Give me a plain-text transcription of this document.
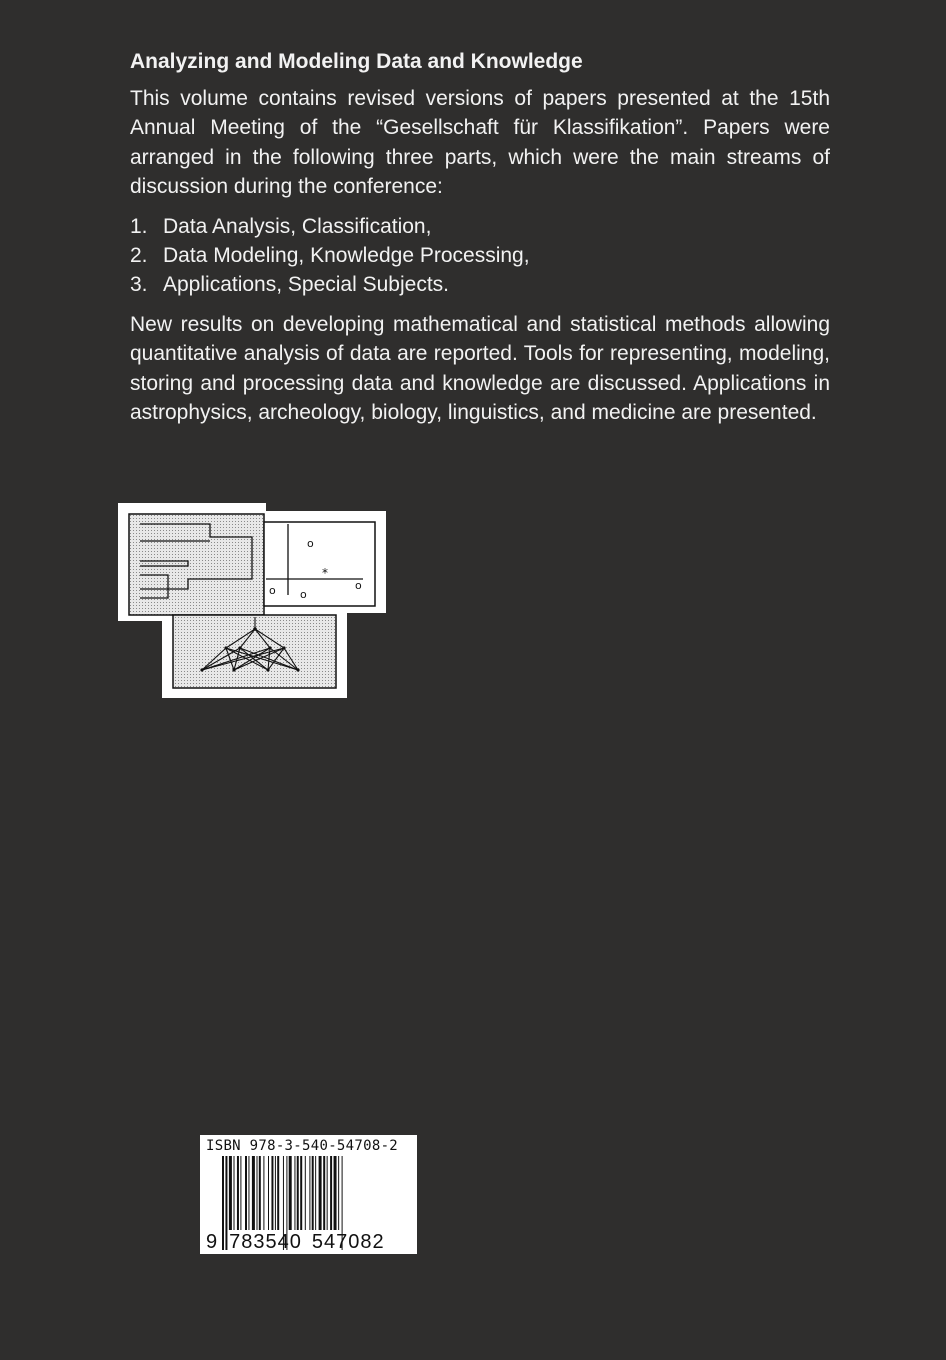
Analyzing and Modeling Data and Knowledge

This volume contains revised versions of papers presented at the 15th Annual Meeting of the “Gesellschaft für Klassifikation”. Papers were arranged in the following three parts, which were the main streams of discussion during the conference:

1. Data Analysis, Classification,
2. Data Modeling, Knowledge Processing,
3. Applications, Special Subjects.

New results on developing mathematical and statistical methods allowing quantitative analysis of data are reported. Tools for representing, modeling, storing and processing data and knowledge are discussed. Applications in astrophysics, archeology, biology, linguistics, and medicine are presented.

o
*
o
o o
ISBN 978-3-540-54708-2
9 783540 547082
